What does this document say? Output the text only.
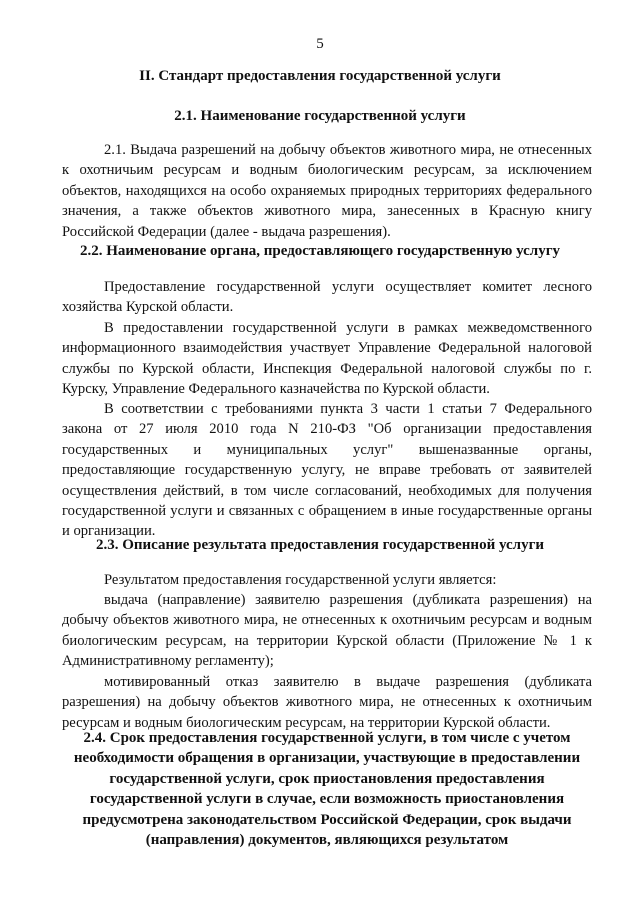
5
II. Стандарт предоставления государственной услуги
2.1. Наименование государственной услуги

2.1. Выдача разрешений на добычу объектов животного мира, не отнесенных к охотничьим ресурсам и водным биологическим ресурсам, за исключением объектов, находящихся на особо охраняемых природных территориях федерального значения, а также объектов животного мира, занесенных в Красную книгу Российской Федерации (далее - выдача разрешения).

2.2. Наименование органа, предоставляющего государственную услугу

Предоставление государственной услуги осуществляет комитет лесного хозяйства Курской области.

В предоставлении государственной услуги в рамках межведомственного информационного взаимодействия участвует Управление Федеральной налоговой службы по Курской области, Инспекция Федеральной налоговой службы по г. Курску, Управление Федерального казначейства по Курской области.

В соответствии с требованиями пункта 3 части 1 статьи 7 Федерального закона от 27 июля 2010 года N 210-ФЗ "Об организации предоставления государственных и муниципальных услуг" вышеназванные органы, предоставляющие государственную услугу, не вправе требовать от заявителей осуществления действий, в том числе согласований, необходимых для получения государственной услуги и связанных с обращением в иные государственные органы и организации.

2.3. Описание результата предоставления государственной услуги

Результатом предоставления государственной услуги является:

выдача (направление) заявителю разрешения (дубликата разрешения) на добычу объектов животного мира, не отнесенных к охотничьим ресурсам и водным биологическим ресурсам, на территории Курской области (Приложение № 1 к Административному регламенту);

мотивированный отказ заявителю в выдаче разрешения (дубликата разрешения) на добычу объектов животного мира, не отнесенных к охотничьим ресурсам и водным биологическим ресурсам, на территории Курской области.

2.4. Срок предоставления государственной услуги, в том числе с учетом необходимости обращения в организации, участвующие в предоставлении государственной услуги, срок приостановления предоставления государственной услуги в случае, если возможность приостановления предусмотрена законодательством Российской Федерации, срок выдачи (направления) документов, являющихся результатом
